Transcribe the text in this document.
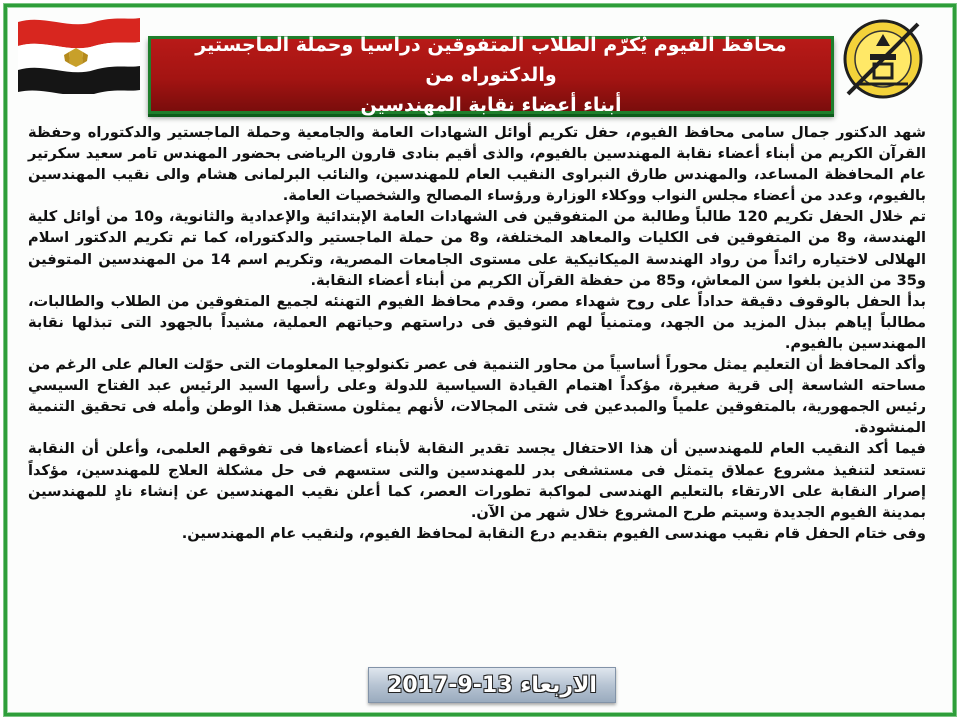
محافظ الفيوم يُكرّم الطلاب المتفوقين دراسياً وحملة الماجستير والدكتوراه من
أبناء أعضاء نقابة المهندسين

شهد الدكتور جمال سامى محافظ الفيوم، حفل تكريم أوائل الشهادات العامة والجامعية وحملة الماجستير والدكتوراه وحفظة القرآن الكريم من أبناء أعضاء نقابة المهندسين بالفيوم، والذى أقيم بنادى قارون الرياضى بحضور المهندس تامر سعيد سكرتير عام المحافظة المساعد، والمهندس طارق النبراوى النقيب العام للمهندسين، والنائب البرلمانى هشام والى نقيب المهندسين بالفيوم، وعدد من أعضاء مجلس النواب ووكلاء الوزارة ورؤساء المصالح والشخصيات العامة.

تم خلال الحفل تكريم 120 طالباً وطالبة من المتفوقين فى الشهادات العامة الإبتدائية والإعدادية والثانوية، و10 من أوائل كلية الهندسة، و8 من المتفوقين فى الكليات والمعاهد المختلفة، و8 من حملة الماجستير والدكتوراه، كما تم تكريم الدكتور اسلام الهلالى لاختياره رائداً من رواد الهندسة الميكانيكية على مستوى الجامعات المصرية، وتكريم اسم 14 من المهندسين المتوفين و35 من الذين بلغوا سن المعاش، و85 من حفظة القرآن الكريم من أبناء أعضاء النقابة.

بدأ الحفل بالوقوف دقيقة حداداً على روح شهداء مصر، وقدم محافظ الفيوم التهنئه لجميع المتفوقين من الطلاب والطالبات، مطالباً إياهم ببذل المزيد من الجهد، ومتمنياً لهم التوفيق فى دراستهم وحياتهم العملية، مشيداً بالجهود التى تبذلها نقابة المهندسين بالفيوم.

وأكد المحافظ أن التعليم يمثل محوراً أساسياً من محاور التنمية فى عصر تكنولوجيا المعلومات التى حوّلت العالم على الرغم من مساحته الشاسعة إلى قرية صغيرة، مؤكداً اهتمام القيادة السياسية للدولة وعلى رأسها السيد الرئيس عبد الفتاح السيسي رئيس الجمهورية، بالمتفوقين علمياً والمبدعين فى شتى المجالات، لأنهم يمثلون مستقبل هذا الوطن وأمله فى تحقيق التنمية المنشودة.

فيما أكد النقيب العام للمهندسين أن هذا الاحتفال يجسد تقدير النقابة لأبناء أعضاءها فى تفوقهم العلمى، وأعلن أن النقابة تستعد لتنفيذ مشروع عملاق يتمثل فى مستشفى بدر للمهندسين والتى ستسهم فى حل مشكلة العلاج للمهندسين، مؤكداً إصرار النقابة على الارتقاء بالتعليم الهندسى لمواكبة تطورات العصر، كما أعلن نقيب المهندسين عن إنشاء نادٍ للمهندسين بمدينة الفيوم الجديدة وسيتم طرح المشروع خلال شهر من الآن.

وفى ختام الحفل قام نقيب مهندسى الفيوم بتقديم درع النقابة لمحافظ الفيوم، ولنقيب عام المهندسين.

الاربعاء 13-9-2017
